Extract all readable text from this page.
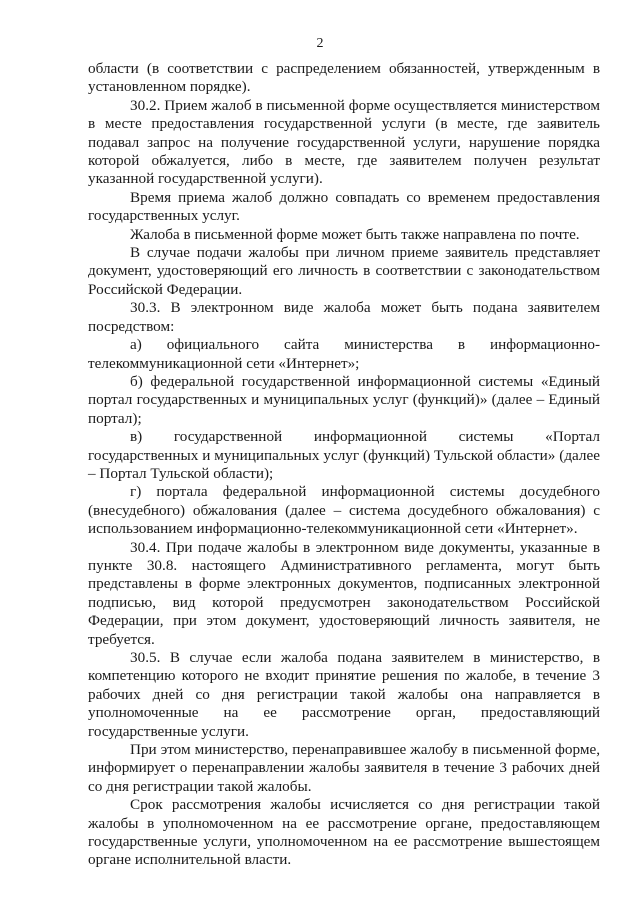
2

области (в соответствии с распределением обязанностей, утвержденным в установленном порядке).

30.2. Прием жалоб в письменной форме осуществляется министерством в месте предоставления государственной услуги (в месте, где заявитель подавал запрос на получение государственной услуги, нарушение порядка которой обжалуется, либо в месте, где заявителем получен результат указанной государственной услуги).

Время приема жалоб должно совпадать со временем предоставления государственных услуг.

Жалоба в письменной форме может быть также направлена по почте.

В случае подачи жалобы при личном приеме заявитель представляет документ, удостоверяющий его личность в соответствии с законодательством Российской Федерации.

30.3. В электронном виде жалоба может быть подана заявителем посредством:

а) официального сайта министерства в информационно-телекоммуникационной сети «Интернет»;

б) федеральной государственной информационной системы «Единый портал государственных и муниципальных услуг (функций)» (далее – Единый портал);

в) государственной информационной системы «Портал государственных и муниципальных услуг (функций) Тульской области» (далее – Портал Тульской области);

г) портала федеральной информационной системы досудебного (внесудебного) обжалования (далее – система досудебного обжалования) с использованием информационно-телекоммуникационной сети «Интернет».

30.4. При подаче жалобы в электронном виде документы, указанные в пункте 30.8. настоящего Административного регламента, могут быть представлены в форме электронных документов, подписанных электронной подписью, вид которой предусмотрен законодательством Российской Федерации, при этом документ, удостоверяющий личность заявителя, не требуется.

30.5. В случае если жалоба подана заявителем в министерство, в компетенцию которого не входит принятие решения по жалобе, в течение 3 рабочих дней со дня регистрации такой жалобы она направляется в уполномоченные на ее рассмотрение орган, предоставляющий государственные услуги.

При этом министерство, перенаправившее жалобу в письменной форме, информирует о перенаправлении жалобы заявителя в течение 3 рабочих дней со дня регистрации такой жалобы.

Срок рассмотрения жалобы исчисляется со дня регистрации такой жалобы в уполномоченном на ее рассмотрение органе, предоставляющем государственные услуги, уполномоченном на ее рассмотрение вышестоящем органе исполнительной власти.
